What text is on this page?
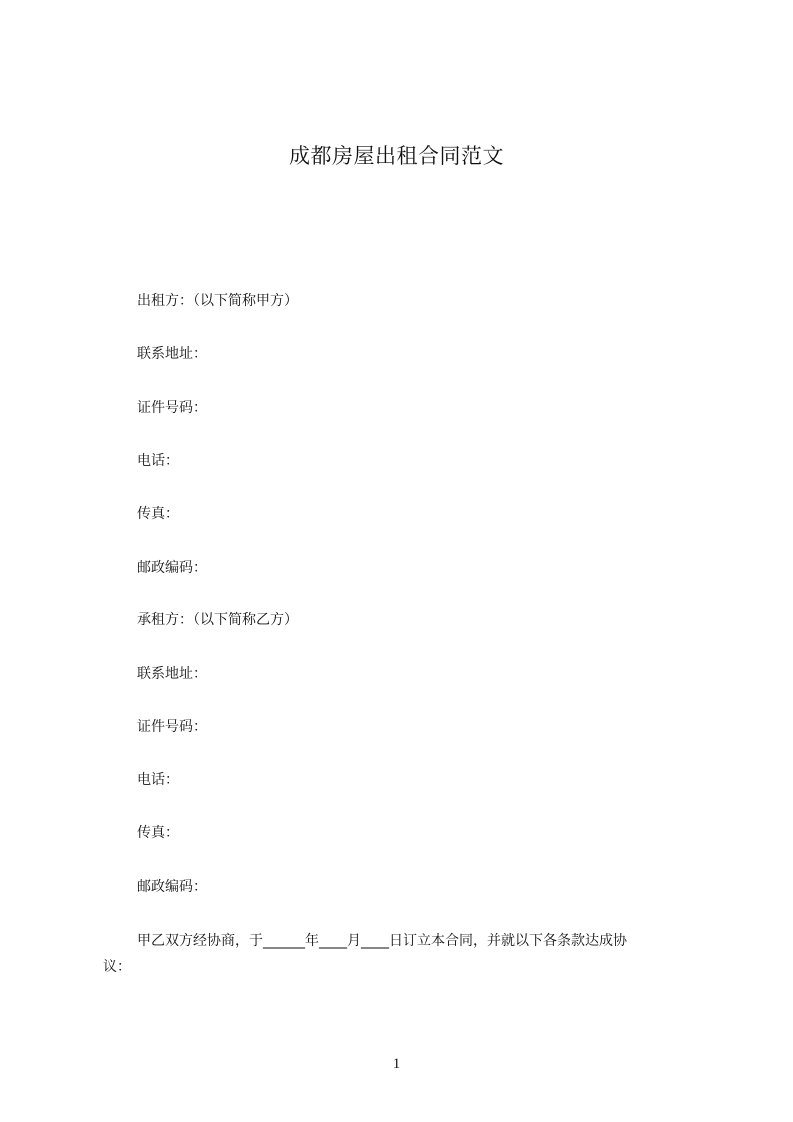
成都房屋出租合同范文
出租方：（以下简称甲方）
联系地址：
证件号码：
电话：
传真：
邮政编码：
承租方：（以下简称乙方）
联系地址：
证件号码：
电话：
传真：
邮政编码：
甲乙双方经协商，于______年____月____日订立本合同，并就以下各条款达成协
议：
1
